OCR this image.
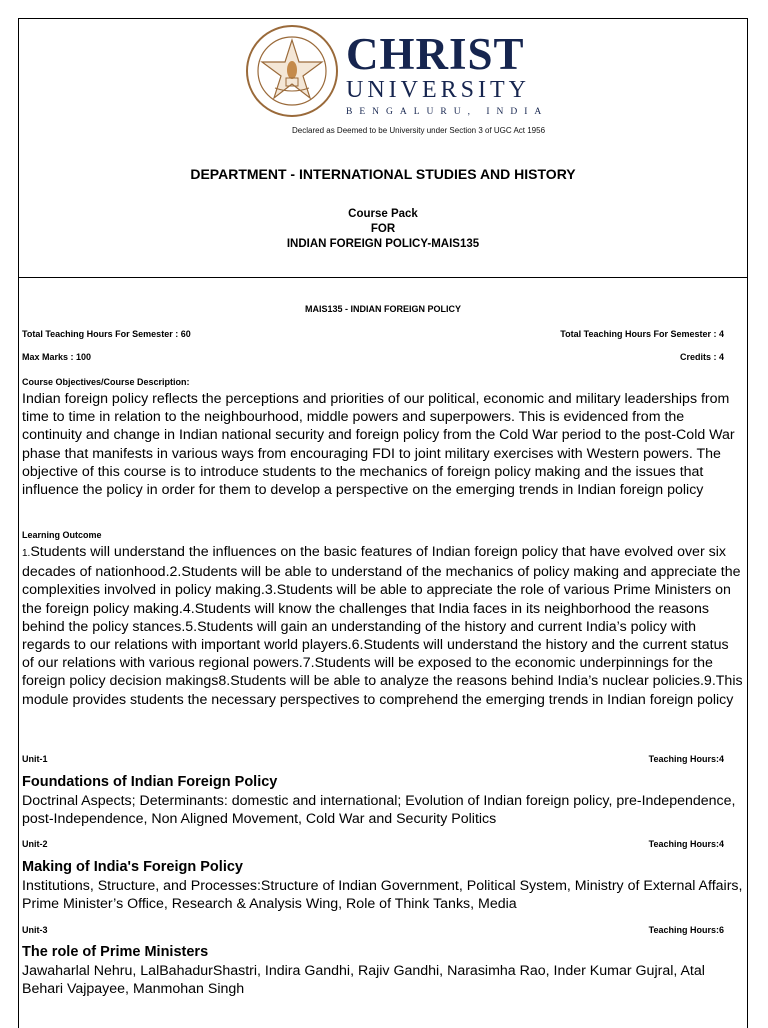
CHRIST
UNIVERSITY
BENGALURU, INDIA
Declared as Deemed to be University under Section 3 of UGC Act 1956
DEPARTMENT - INTERNATIONAL STUDIES AND HISTORY
Course Pack
FOR
INDIAN FOREIGN POLICY-MAIS135
MAIS135 - INDIAN FOREIGN POLICY
Total Teaching Hours For Semester : 60	Total Teaching Hours For Semester : 4
Max Marks : 100	Credits : 4
Course Objectives/Course Description:
Indian foreign policy reflects the perceptions and priorities of our political, economic and military leaderships from time to time in relation to the neighbourhood, middle powers and superpowers. This is evidenced from the continuity and change in Indian national security and foreign policy from the Cold War period to the post-Cold War phase that manifests in various ways from encouraging FDI to joint military exercises with Western powers. The objective of this course is to introduce students to the mechanics of foreign policy making and the issues that influence the policy in order for them to develop a perspective on the emerging trends in Indian foreign policy
Learning Outcome
1.Students will understand the influences on the basic features of Indian foreign policy that have evolved over six decades of nationhood.2.Students will be able to understand of the mechanics of policy making and appreciate the complexities involved in policy making.3.Students will be able to appreciate the role of various Prime Ministers on the foreign policy making.4.Students will know the challenges that India faces in its neighborhood the reasons behind the policy stances.5.Students will gain an understanding of the history and current India’s policy with regards to our relations with important world players.6.Students will understand the history and the current status of our relations with various regional powers.7.Students will be exposed to the economic underpinnings for the foreign policy decision makings8.Students will be able to analyze the reasons behind India’s nuclear policies.9.This module provides students the necessary perspectives to comprehend the emerging trends in Indian foreign policy
Unit-1	Teaching Hours:4
Foundations of Indian Foreign Policy
Doctrinal Aspects; Determinants: domestic and international; Evolution of Indian foreign policy, pre-Independence, post-Independence, Non Aligned Movement, Cold War and Security Politics
Unit-2	Teaching Hours:4
Making of India's Foreign Policy
Institutions, Structure, and Processes:Structure of Indian Government, Political System, Ministry of External Affairs, Prime Minister’s Office, Research & Analysis Wing, Role of Think Tanks, Media
Unit-3	Teaching Hours:6
The role of Prime Ministers
Jawaharlal Nehru, LalBahadurShastri, Indira Gandhi, Rajiv Gandhi, Narasimha Rao, Inder Kumar Gujral, Atal Behari Vajpayee, Manmohan Singh
